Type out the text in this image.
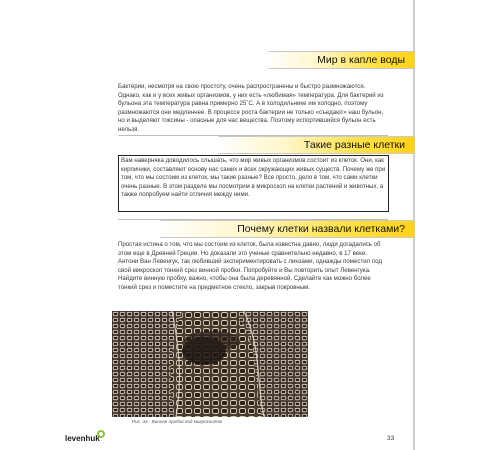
Мир в капле воды
Бактерии, несмотря на свою простоту, очень распространены и быстро размножаются. Однако, как и у всех живых организмов, у них есть «любимая» температура. Для бактерий из бульона эта температура равна примерно 25˚C. А в холодильнике им холодно, поэтому размножаются они медленнее. В процессе роста бактерии не только «съедают» наш бульон, но и выделяют токсины - опасные для нас вещества. Поэтому испортившийся бульон есть нельзя.
Такие разные клетки
Вам наверняка доводилось слышать, что мир живых организмов состоит из клеток. Они, как кирпичики, составляют основу нас самих и всех окружающих живых существ. Почему же при том, что мы состоим из клеток, мы такие разные? Все просто, дело в том, что сами клетки очень разные. В этом разделе мы посмотрим в микроскоп на клетки растений и животных, а также попробуем найти отличия между ними.
Почему клетки назвали клетками?
Простая истина о том, что мы состоим из клеток, была известна давно, люди догадались об этом еще в Древней Греции. Но доказали это ученые сравнительно недавно, в 17 веке. Антони Ван Левенгук, так любивший экспериментировать с линзами, однажды поместил под свой микроскоп тонкий срез винной пробки. Попробуйте и Вы повторить опыт Левенгука. Найдите винную пробку, важно, чтобы она была деревянной. Сделайте как можно более тонкий срез и поместите на предметное стекло, закрыв покровным.
Рис. 34 - Винная пробка под микроскопом
levenhuk	33
